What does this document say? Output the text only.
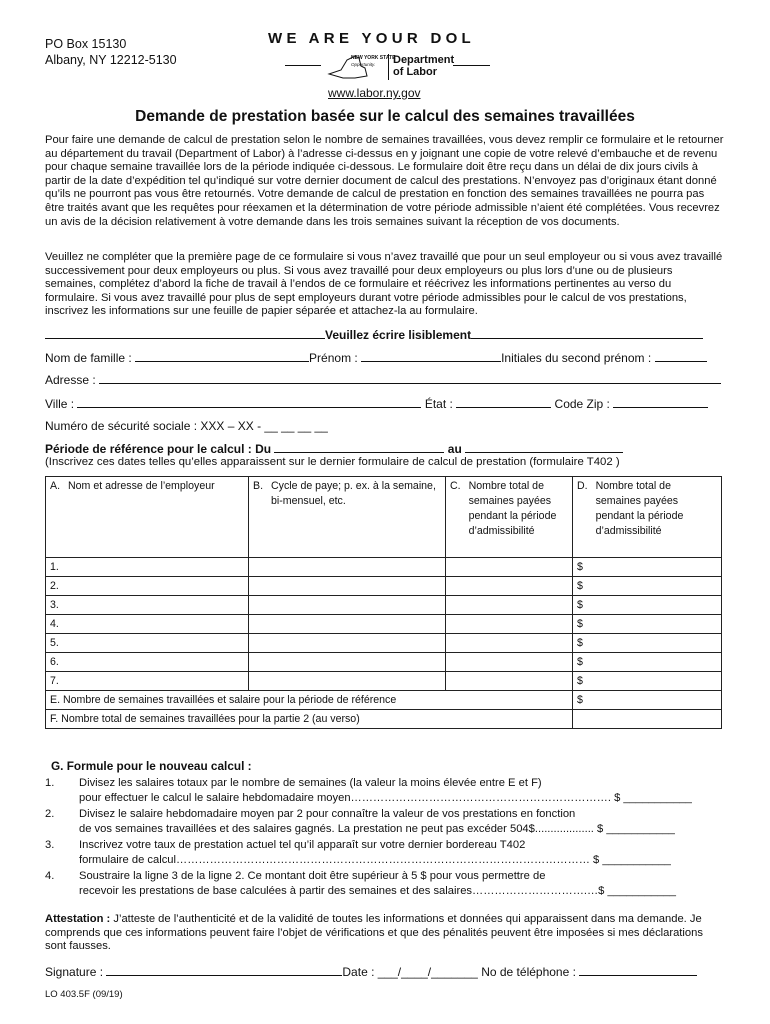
PO Box 15130
Albany, NY 12212-5130
WE ARE YOUR DOL
NEW YORK STATE
Opportunity. Department
of Labor
www.labor.ny.gov
Demande de prestation basée sur le calcul des semaines travaillées
Pour faire une demande de calcul de prestation selon le nombre de semaines travaillées, vous devez remplir ce formulaire et le retourner au département du travail (Department of Labor) à l’adresse ci-dessus en y joignant une copie de votre relevé d’embauche et de revenu pour chaque semaine travaillée lors de la période indiquée ci-dessous. Le formulaire doit être reçu dans un délai de dix jours civils à partir de la date d’expédition tel qu’indiqué sur votre dernier document de calcul des prestations. N’envoyez pas d’originaux étant donné qu’ils ne pourront pas vous être retournés. Votre demande de calcul de prestation en fonction des semaines travaillées ne pourra pas être traités avant que les requêtes pour réexamen et la détermination de votre période admissible n’aient été complétées. Vous recevrez un avis de la décision relativement à votre demande dans les trois semaines suivant la réception de vos documents.
Veuillez ne compléter que la première page de ce formulaire si vous n’avez travaillé que pour un seul employeur ou si vous avez travaillé successivement pour deux employeurs ou plus. Si vous avez travaillé pour deux employeurs ou plus lors d’une ou de plusieurs semaines, complétez d’abord la fiche de travail à l’endos de ce formulaire et réécrivez les informations pertinentes au verso du formulaire. Si vous avez travaillé pour plus de sept employeurs durant votre période admissibles pour le calcul de vos prestations, inscrivez les informations sur une feuille de papier séparée et attachez-la au formulaire.
Veuillez écrire lisiblement
Nom de famille :	Prénom :	Initiales du second prénom :
Adresse :
Ville :	État :	Code Zip :
Numéro de sécurité sociale : XXX – XX - __ __ __ __
Période de référence pour le calcul : Du	au
(Inscrivez ces dates telles qu’elles apparaissent sur le dernier formulaire de calcul de prestation (formulaire T402 )
A. Nom et adresse de l’employeur	B. Cycle de paye; p. ex. à la semaine, bi-mensuel, etc.	C. Nombre total de semaines payées pendant la période d’admissibilité	D. Nombre total de semaines payées pendant la période d’admissibilité

1.			$
2.			$
3.			$
4.			$
5.			$
6.			$
7.			$
E. Nombre de semaines travaillées et salaire pour la période de référence			$
F. Nombre total de semaines travaillées pour la partie 2 (au verso)			
G. Formule pour le nouveau calcul :
1.	Divisez les salaires totaux par le nombre de semaines (la valeur la moins élevée entre E et F)
pour effectuer le calcul le salaire hebdomadaire moyen……………………………………………………………. $ ___________
2.	Divisez le salaire hebdomadaire moyen par 2 pour connaître la valeur de vos prestations en fonction
de vos semaines travaillées et des salaires gagnés. La prestation ne peut pas excéder 504$................... $ ___________
3.	Inscrivez votre taux de prestation actuel tel qu’il apparaît sur votre dernier bordereau T402
formulaire de calcul………………………………………………………………………………………………… $ ___________
4.	Soustraire la ligne 3 de la ligne 2. Ce montant doit être supérieur à 5 $ pour vous permettre de
recevoir les prestations de base calculées à partir des semaines et des salaires………………………….…$ ___________
Attestation : J’atteste de l’authenticité et de la validité de toutes les informations et données qui apparaissent dans ma demande. Je comprends que ces informations peuvent faire l’objet de vérifications et que des pénalités peuvent être imposées si mes déclarations sont fausses.
Signature :	Date : ___/____/_______ No de téléphone :
LO 403.5F (09/19)
